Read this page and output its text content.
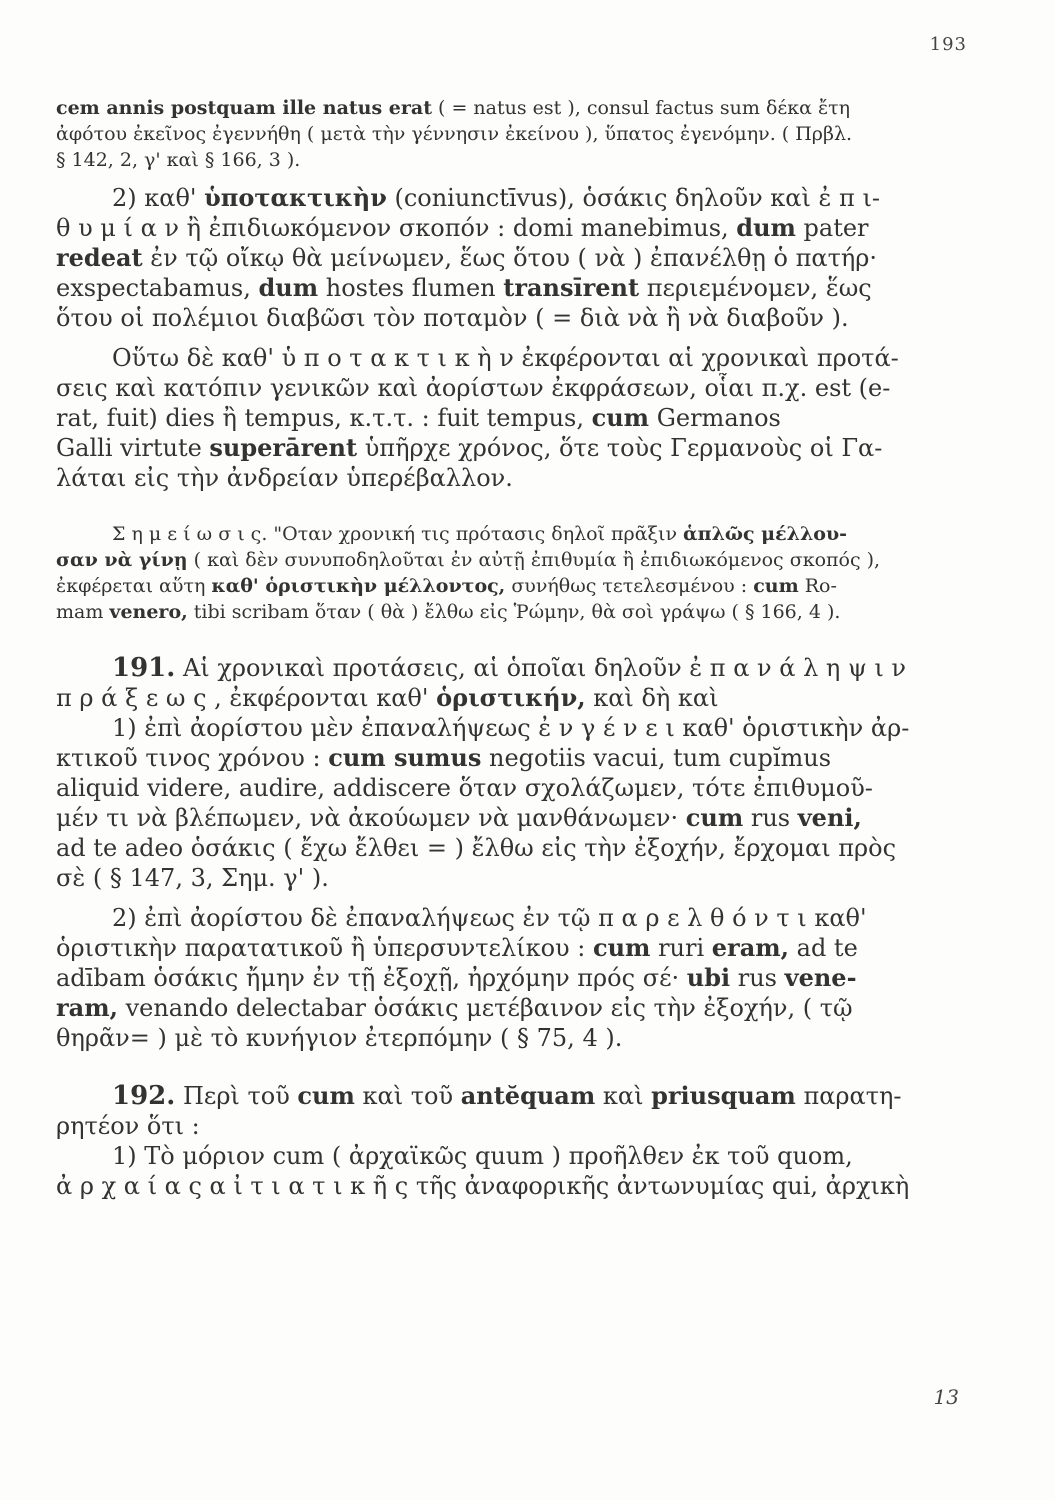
193
cem annis postquam ille natus erat ( = natus est ), consul factus sum δέκα ἔτη
ἀφότου ἐκεῖνος ἐγεννήθη ( μετὰ τὴν γέννησιν ἐκείνου ), ὕπατος ἐγενόμην. ( Πρβλ.
§ 142, 2, γ' καὶ § 166, 3 ).
2) καθ' ὑποτακτικὴν (coniunctīvus), ὁσάκις δηλοῦν καὶ ἐ π ι-
θ υ μ ί α ν ἢ ἐπιδιωκόμενον σκοπόν : domi manebimus, dum pater
redeat ἐν τῷ οἴκῳ θὰ μείνωμεν, ἕως ὅτου ( νὰ ) ἐπανέλθῃ ὁ πατήρ·
exspectabamus, dum hostes flumen transīrent περιεμένομεν, ἕως
ὅτου οἱ πολέμιοι διαβῶσι τὸν ποταμὸν ( = διὰ νὰ ἢ νὰ διαβοῦν ).
Οὕτω δὲ καθ' ὑ π ο τ α κ τ ι κ ὴ ν ἐκφέρονται αἱ χρονικαὶ προτά-
σεις καὶ κατόπιν γενικῶν καὶ ἀορίστων ἐκφράσεων, οἷαι π.χ. est (e-
rat, fuit) dies ἢ tempus, κ.τ.τ. : fuit tempus, cum Germanos
Galli virtute superārent ὑπῆρχε χρόνος, ὅτε τοὺς Γερμανοὺς οἱ Γα-
λάται εἰς τὴν ἀνδρείαν ὑπερέβαλλον.
Σ η μ ε ί ω σ ι ς. "Οταν χρονική τις πρότασις δηλοῖ πρᾶξιν ἁπλῶς μέλλου-
σαν νὰ γίνῃ ( καὶ δὲν συνυποδηλοῦται ἐν αὐτῇ ἐπιθυμία ἢ ἐπιδιωκόμενος σκοπός ),
ἐκφέρεται αὕτη καθ' ὁριστικὴν μέλλοντος, συνήθως τετελεσμένου : cum Ro-
mam venero, tibi scribam ὅταν ( θὰ ) ἔλθω εἰς Ῥώμην, θὰ σοὶ γράψω ( § 166, 4 ).
191. Αἱ χρονικαὶ προτάσεις, αἱ ὁποῖαι δηλοῦν ἐ π α ν ά λ η ψ ι ν
π ρ ά ξ ε ω ς , ἐκφέρονται καθ' ὁριστικήν, καὶ δὴ καὶ
1) ἐπὶ ἀορίστου μὲν ἐπαναλήψεως ἐ ν γ έ ν ε ι καθ' ὁριστικὴν ἀρ-
κτικοῦ τινος χρόνου : cum sumus negotiis vacui, tum cupĭmus
aliquid videre, audire, addiscere ὅταν σχολάζωμεν, τότε ἐπιθυμοῦ-
μέν τι νὰ βλέπωμεν, νὰ ἀκούωμεν νὰ μανθάνωμεν· cum rus veni,
ad te adeo ὁσάκις ( ἔχω ἔλθει = ) ἔλθω εἰς τὴν ἐξοχήν, ἔρχομαι πρὸς
σὲ ( § 147, 3, Σημ. γ' ).
2) ἐπὶ ἀορίστου δὲ ἐπαναλήψεως ἐν τῷ π α ρ ε λ θ ό ν τ ι καθ'
ὁριστικὴν παρατατικοῦ ἢ ὑπερσυντελίκου : cum ruri eram, ad te
adībam ὁσάκις ἤμην ἐν τῇ ἐξοχῇ, ἠρχόμην πρός σέ· ubi rus vene-
ram, venando delectabar ὁσάκις μετέβαινον εἰς τὴν ἐξοχήν, ( τῷ
θηρᾶν= ) μὲ τὸ κυνήγιον ἐτερπόμην ( § 75, 4 ).
192. Περὶ τοῦ cum καὶ τοῦ antĕquam καὶ priusquam παρατη-
ρητέον ὅτι :
1) Τὸ μόριον cum ( ἀρχαϊκῶς quum ) προῆλθεν ἐκ τοῦ quom,
ἀ ρ χ α ί α ς α ἰ τ ι α τ ι κ ῆ ς τῆς ἀναφορικῆς ἀντωνυμίας qui, ἀρχικὴ
13
